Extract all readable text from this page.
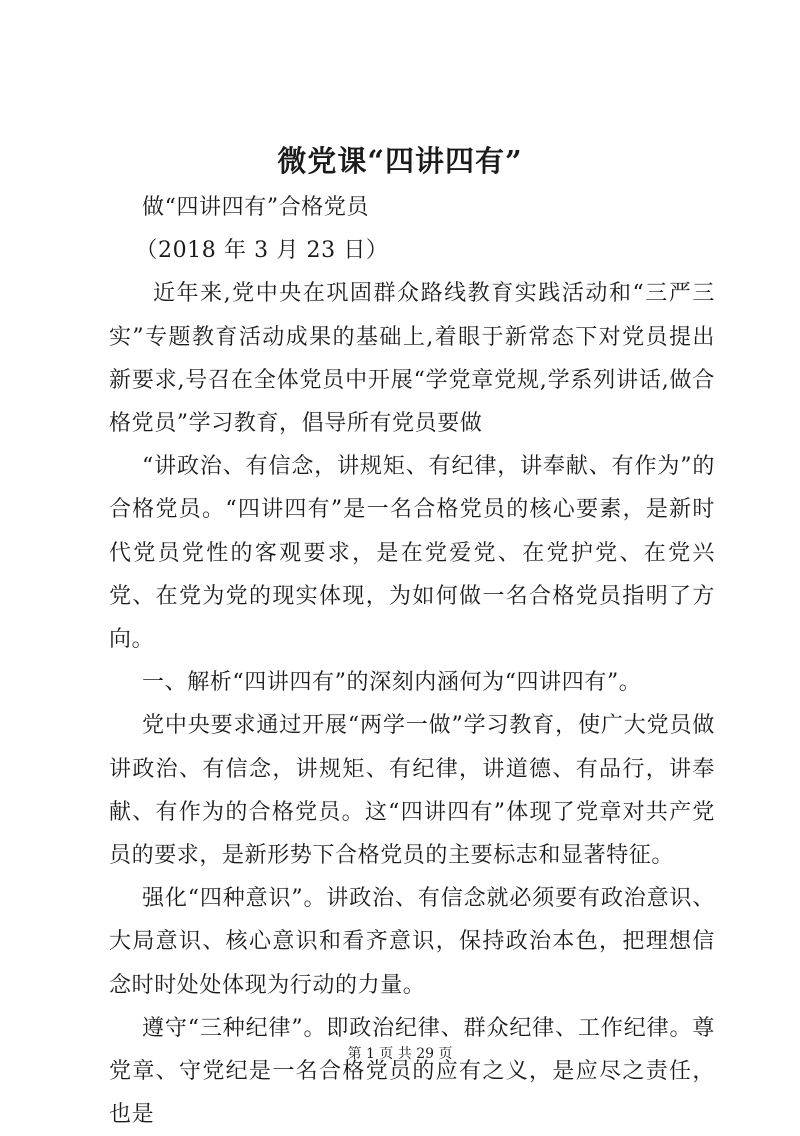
微党课“四讲四有”

做“四讲四有”合格党员

（2018 年 3 月 23 日）

近年来,党中央在巩固群众路线教育实践活动和“三严三实”专题教育活动成果的基础上,着眼于新常态下对党员提出新要求,号召在全体党员中开展“学党章党规,学系列讲话,做合格党员”学习教育，倡导所有党员要做

“讲政治、有信念，讲规矩、有纪律，讲奉献、有作为”的合格党员。“四讲四有”是一名合格党员的核心要素，是新时代党员党性的客观要求，是在党爱党、在党护党、在党兴党、在党为党的现实体现，为如何做一名合格党员指明了方向。

一、解析“四讲四有”的深刻内涵何为“四讲四有”。

党中央要求通过开展“两学一做”学习教育，使广大党员做讲政治、有信念，讲规矩、有纪律，讲道德、有品行，讲奉献、有作为的合格党员。这“四讲四有”体现了党章对共产党员的要求，是新形势下合格党员的主要标志和显著特征。

强化“四种意识”。讲政治、有信念就必须要有政治意识、大局意识、核心意识和看齐意识，保持政治本色，把理想信念时时处处体现为行动的力量。

遵守“三种纪律”。即政治纪律、群众纪律、工作纪律。尊党章、守党纪是一名合格党员的应有之义，是应尽之责任，也是

第 1 页 共 29 页
